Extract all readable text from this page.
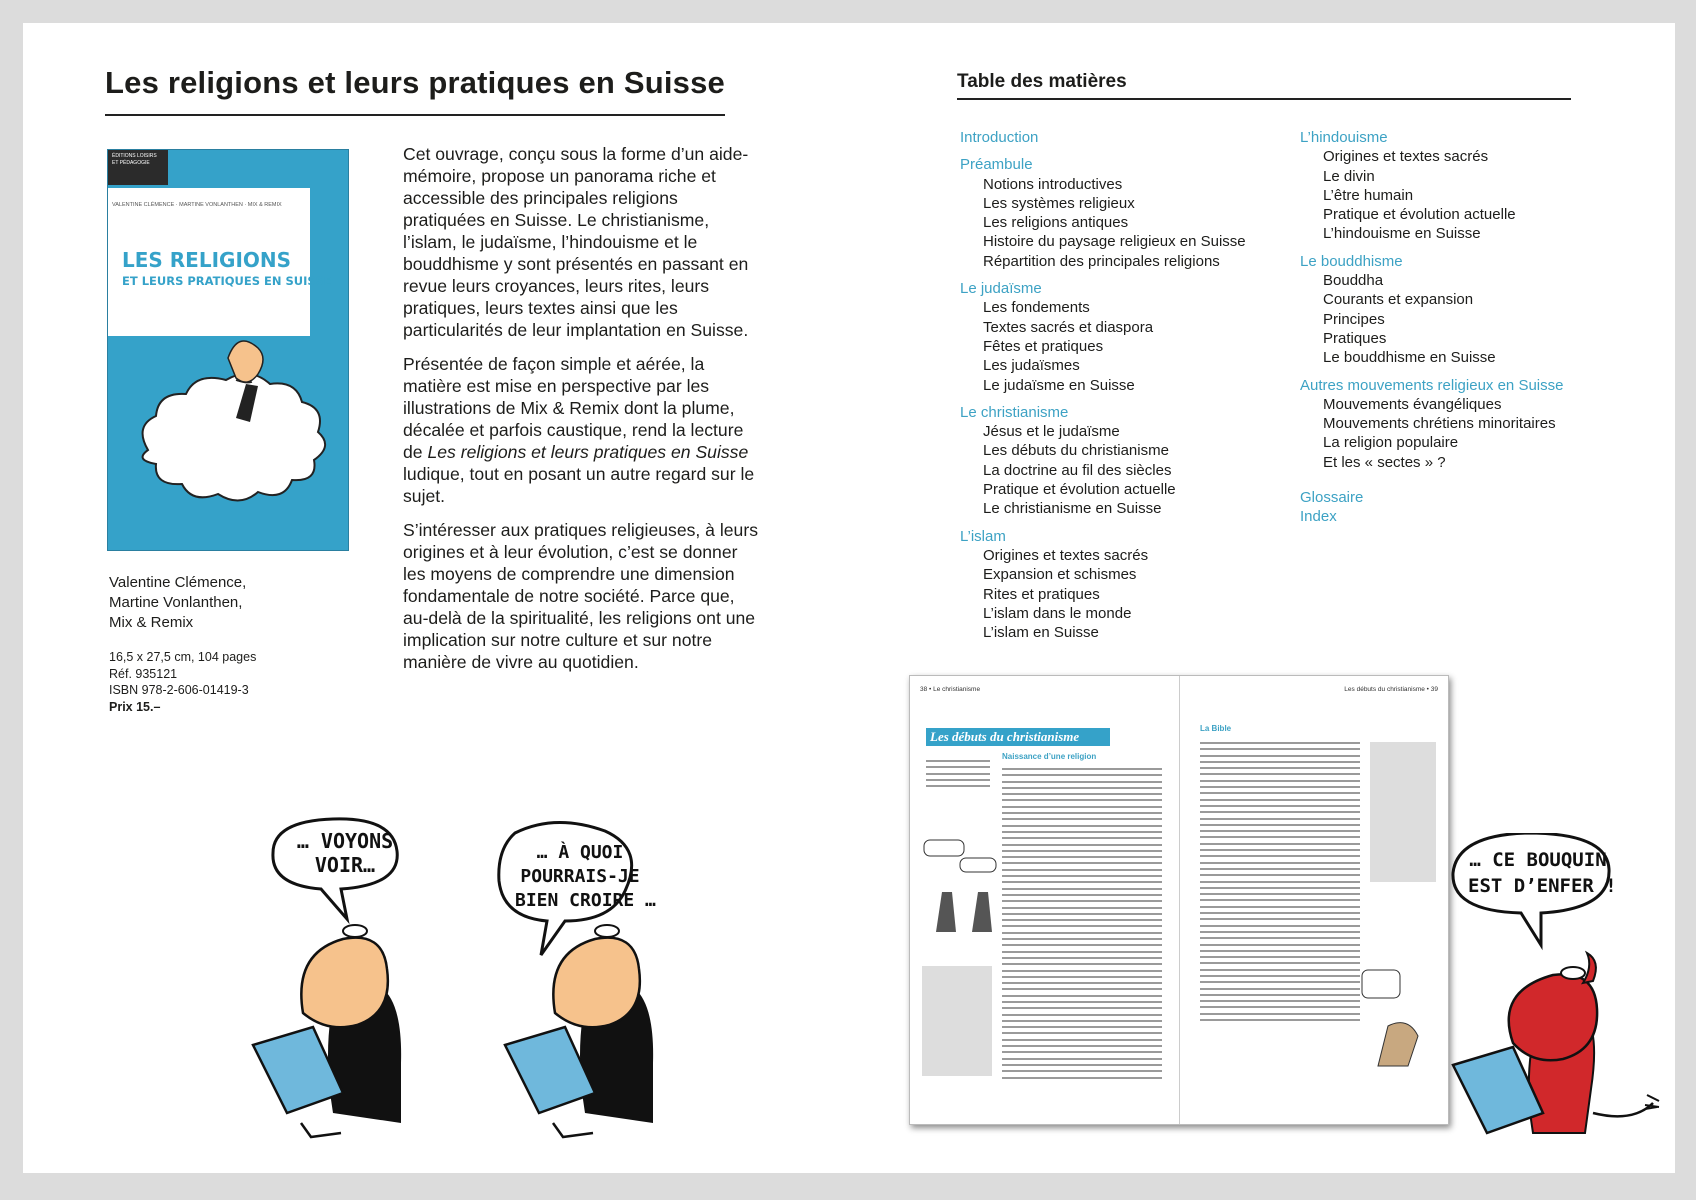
Les religions et leurs pratiques en Suisse
ÉDITIONS LOISIRS ET PÉDAGOGIE
VALENTINE CLÉMENCE · MARTINE VONLANTHEN · MIX & REMIX
LES RELIGIONS
ET LEURS PRATIQUES EN SUISSE
Valentine Clémence,
Martine Vonlanthen,
Mix & Remix
16,5 x 27,5 cm, 104 pages
Réf. 935121
ISBN 978-2-606-01419-3
Prix 15.–

Cet ouvrage, conçu sous la forme d’un aide-mémoire, propose un panorama riche et accessible des principales religions pratiquées en Suisse. Le christianisme, l’islam, le judaïsme, l’hindouisme et le bouddhisme y sont présentés en passant en revue leurs croyances, leurs rites, leurs pratiques, leurs textes ainsi que les particularités de leur implantation en Suisse.

Présentée de façon simple et aérée, la matière est mise en perspective par les illustrations de Mix & Remix dont la plume, décalée et parfois caustique, rend la lecture de Les religions et leurs pratiques en Suisse ludique, tout en posant un autre regard sur le sujet.

S’intéresser aux pratiques religieuses, à leurs origines et à leur évolution, c’est se donner les moyens de comprendre une dimension fondamentale de notre société. Parce que, au-delà de la spiritualité, les religions ont une implication sur notre culture et sur notre manière de vivre au quotidien.

Table des matières
Introduction
Préambule
Notions introductives
Les systèmes religieux
Les religions antiques
Histoire du paysage religieux en Suisse
Répartition des principales religions
Le judaïsme
Les fondements
Textes sacrés et diaspora
Fêtes et pratiques
Les judaïsmes
Le judaïsme en Suisse
Le christianisme
Jésus et le judaïsme
Les débuts du christianisme
La doctrine au fil des siècles
Pratique et évolution actuelle
Le christianisme en Suisse
L’islam
Origines et textes sacrés
Expansion et schismes
Rites et pratiques
L’islam dans le monde
L’islam en Suisse
L’hindouisme
Origines et textes sacrés
Le divin
L’être humain
Pratique et évolution actuelle
L’hindouisme en Suisse
Le bouddhisme
Bouddha
Courants et expansion
Principes
Pratiques
Le bouddhisme en Suisse
Autres mouvements religieux en Suisse
Mouvements évangéliques
Mouvements chrétiens minoritaires
La religion populaire
Et les « sectes » ?
Glossaire
Index
… VOYONS
VOIR…
… À QUOI
POURRAIS-JE
BIEN CROIRE …
38 • Le christianisme	Les débuts du christianisme • 39
Les débuts du christianisme
Naissance d’une religion
La Bible
… CE BOUQUIN
EST D’ENFER !
